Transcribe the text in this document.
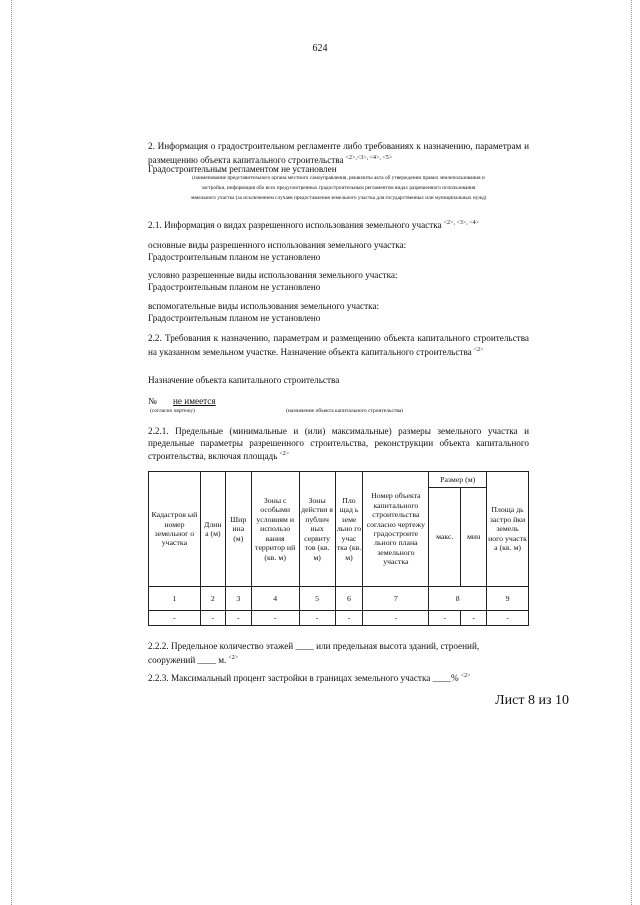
624

2. Информация о градостроительном регламенте либо требованиях к назначению, параметрам и размещению объекта капитального строительства $^{<2>,<3>, <4>, <5>}$

Градостроительным регламентом не установлен
(наименование представительного органа местного самоуправления, реквизиты акта об утверждении правил землепользования и
застройки, информация обо всех предусмотренных градостроительным регламентом видах разрешенного использования
земельного участка (за исключением случаев предоставления земельного участка для государственных или муниципальных нужд)
2.1. Информация о видах разрешенного использования земельного участка $^{<2>, <3>, <4>}$
основные виды разрешенного использования земельного участка:
Градостроительным планом не установлено
условно разрешенные виды использования земельного участка:
Градостроительным планом не установлено
вспомогательные виды использования земельного участка:
Градостроительным планом не установлено

2.2. Требования к назначению, параметрам и размещению объекта капитального строительства на указанном земельном участке. Назначение объекта капитального строительства $^{<2>}$

Назначение объекта капитального строительства
№ не имеется
(согласно чертежу)	(назначение объекта капитального строительства)

2.2.1. Предельные (минимальные и (или) максимальные) размеры земельного участка и предельные параметры разрешенного строительства, реконструкции объекта капитального строительства, включая площадь $^{<2>}$

Кадастров ый номер земельног о участка	Длин а (м)	Шир ина (м)	Зоны с особыми условиям и использо вания территор ий (кв. м)	Зоны действи я публич ных сервиту тов (кв. м)	Пло щад ь земе льно го учас тка (кв. м)	Номер объекта капитального строительства согласно чертежу градостроите льного плана земельного участка	Размер (м)		Площа дь застро йки земель ного участк а (кв. м)
							макс.	мин	
1	2	3	4	5	6	7	8		9
-	-	-	-	-	-	-	-	-	-
2.2.2. Предельное количество этажей ____ или предельная высота зданий, строений,
сооружений ____ м. $^{<2>}$
2.2.3. Максимальный процент застройки в границах земельного участка ____% $^{<2>}$
Лист 8 из 10
